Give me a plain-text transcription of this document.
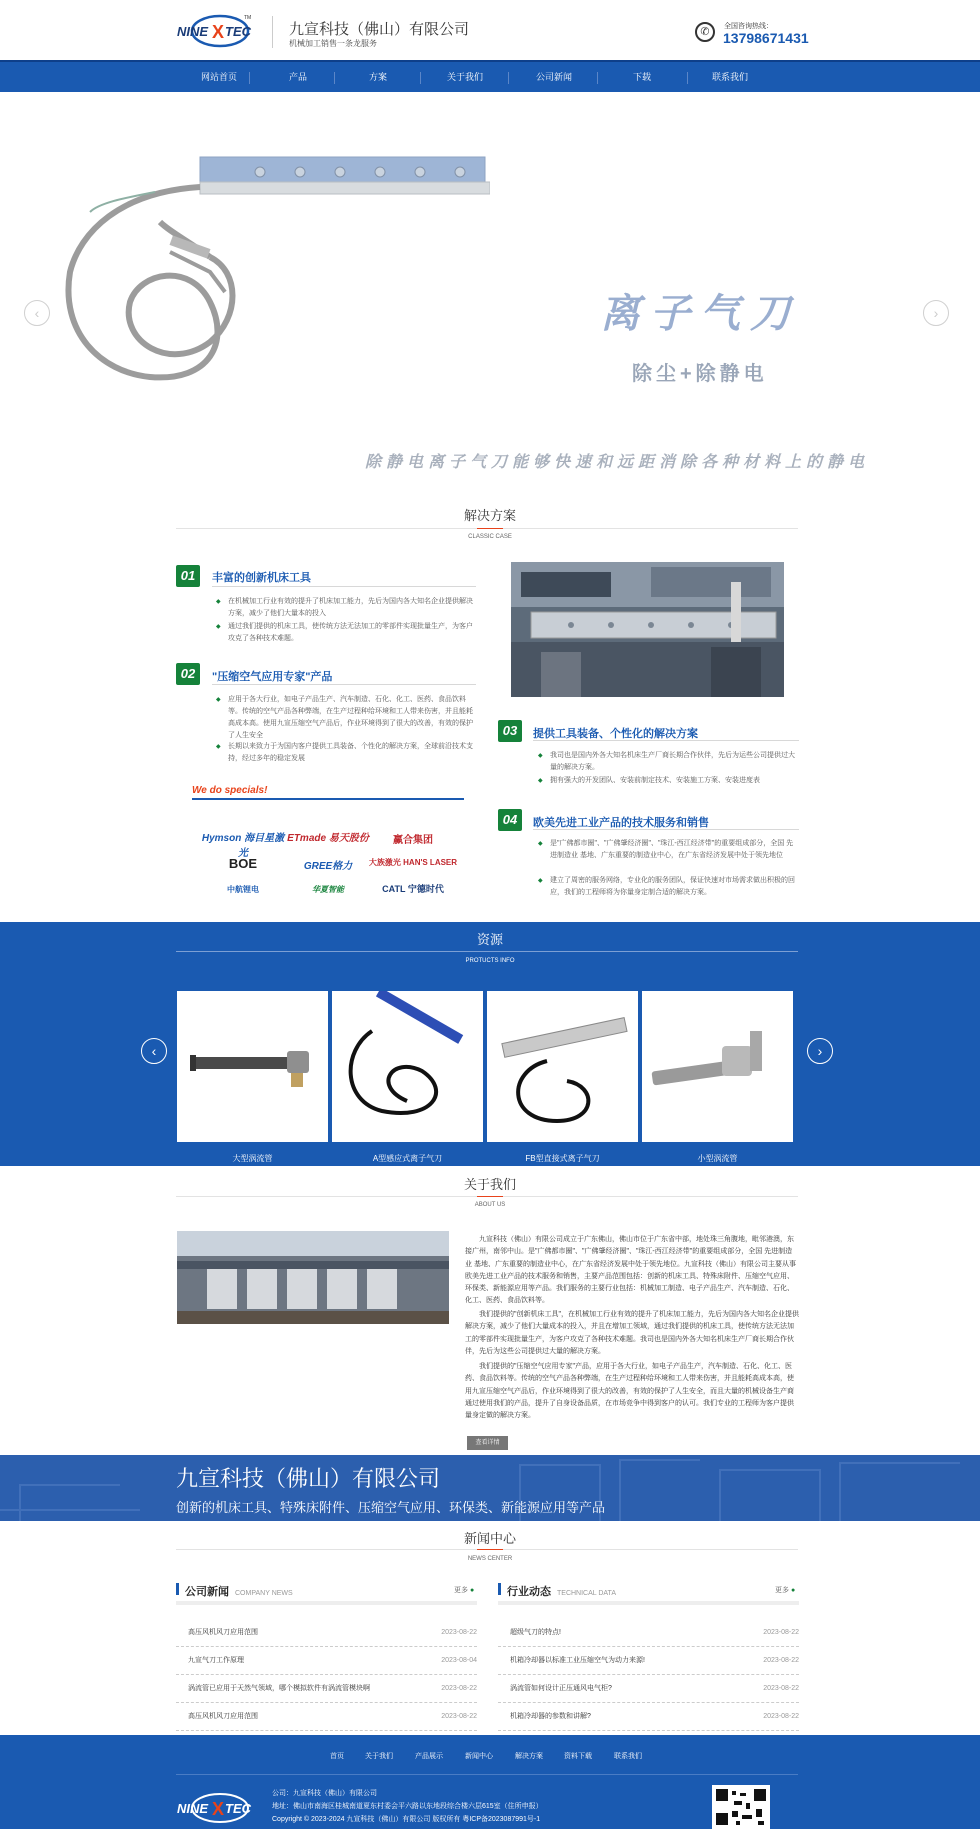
NINE X TEC
TM
九宣科技（佛山）有限公司
机械加工销售一条龙服务
✆	全国咨询热线：
13798671431
网站首页	产品	方案	关于我们	公司新闻	下载	联系我们
离子气刀
除尘+除静电
除静电离子气刀能够快速和远距消除各种材料上的静电
‹	›
解决方案
CLASSIC CASE
01	丰富的创新机床工具
◆ 在机械加工行业有效的提升了机床加工能力，先后为国内各大知名企业提供解决方案，减少了他们大量本的投入
◆ 通过我们提供的机床工具，使传统方法无法加工的零部件实现批量生产，为客户攻克了各种技术难题。
02	"压缩空气应用专家"产品
◆ 应用于各大行业，如电子产品生产、汽车制造、石化、化工、医药、食品饮料等。传统的空气产品各种弊端，在生产过程种给环境和工人带来伤害，并且能耗高成本高。使用九宣压缩空气产品后，作业环境得到了很大的改善，有效的保护了人生安全
◆ 长期以来致力于为国内客户提供工具装备、个性化的解决方案，全球前沿技术支持，经过多年的稳定发展
03	提供工具装备、个性化的解决方案
◆ 我司也是国内外各大知名机床生产厂商长期合作伙伴，先后为运些公司提供过大量的解决方案。
◆ 拥有强大的开发团队、安装前制定技术、安装施工方案、安装进度表
04	欧美先进工业产品的技术服务和销售
◆ 是"广佛都市圈"、"广佛肇经济圈"、"珠江-西江经济带"的重要组成部分，全国 先进制造业 基地、广东重要的制造业中心，在广东省经济发展中处于领先地位
◆ 建立了周密的服务网络，专业化的服务团队，保证快速对市场需求做出积极的回应，我们的工程师将为你量身定制合适的解决方案。
We do specials!
Hymson 海目星激光
ETmade 易天股份	赢合集团
BOE	GREE格力	大族激光 HAN'S LASER
中航锂电	华夏智能	CATL 宁德时代
资源
PROTUCTS INFO
‹	›
大型涡流管	A型感应式离子气刀	FB型直接式离子气刀	小型涡流管
关于我们
ABOUT US
九宣科技（佛山）有限公司成立于广东佛山，佛山市位于广东省中部，地处珠三角腹地，毗邻港澳，东接广州，南邻中山。是"广佛都市圈"、"广佛肇经济圈"、"珠江-西江经济带"的重要组成部分，全国 先进制造业 基地、广东重要的制造业中心，在广东省经济发展中处于领先地位。九宣科技（佛山）有限公司主要从事欧美先进工业产品的技术服务和销售，主要产品范围包括：创新的机床工具、特殊床附件、压缩空气应用、环保类、新能源应用等产品。我们服务的主要行业包括：机械加工制造、电子产品生产、汽车制造、石化、化工、医药、食品饮料等。
我们提供的"创新机床工具"，在机械加工行业有效的提升了机床加工能力，先后为国内各大知名企业提供解决方案，减少了他们大量成本的投入，并且在增加工领域，通过我们提供的机床工具，使传统方法无法加工的零部件实现批量生产，为客户攻克了各种技术难题。我司也是国内外各大知名机床生产厂商长期合作伙伴，先后为这些公司提供过大量的解决方案。
我们提供的"压缩空气应用专家"产品，应用于各大行业，如电子产品生产，汽车制造、石化、化工、医药、食品饮料等。传统的空气产品各种弊端，在生产过程种给环境和工人带来伤害，并且能耗高成本高，使用九宣压缩空气产品后，作业环境得到了很大的改善，有效的保护了人生安全，而且大量的机械设备生产商通过使用我们的产品，提升了自身设备品质，在市场竞争中得到客户的认可。我们专业的工程师为客户提供量身定做的解决方案。
查看详情
九宣科技（佛山）有限公司
创新的机床工具、特殊床附件、压缩空气应用、环保类、新能源应用等产品
新闻中心
NEWS CENTER
公司新闻 COMPANY NEWS	更多 ●
高压风机风刀应用范围	2023-08-22
九宣气刀工作原理	2023-08-04
涡流管已应用于天然气领域，哪个模拟软件有涡流管模块啊	2023-08-22
高压风机风刀应用范围	2023-08-22
行业动态 TECHNICAL DATA	更多 ●
超级气刀的特点!	2023-08-22
机箱冷却器以标准工业压缩空气为动力来源!	2023-08-22
涡流管如何设计正压通风电气柜?	2023-08-22
机箱冷却器的参数和讲解?	2023-08-22
首页	关于我们	产品展示	新闻中心	解决方案	资料下载	联系我们
NINE X TEC
公司：九宣科技（佛山）有限公司
地址：佛山市南海区桂城南道夏东村委会平六路以东地段综合楼六层615室（住所申报）
Copyright © 2023-2024 九宣科技（佛山）有限公司 版权所有 粤ICP备2023087991号-1
